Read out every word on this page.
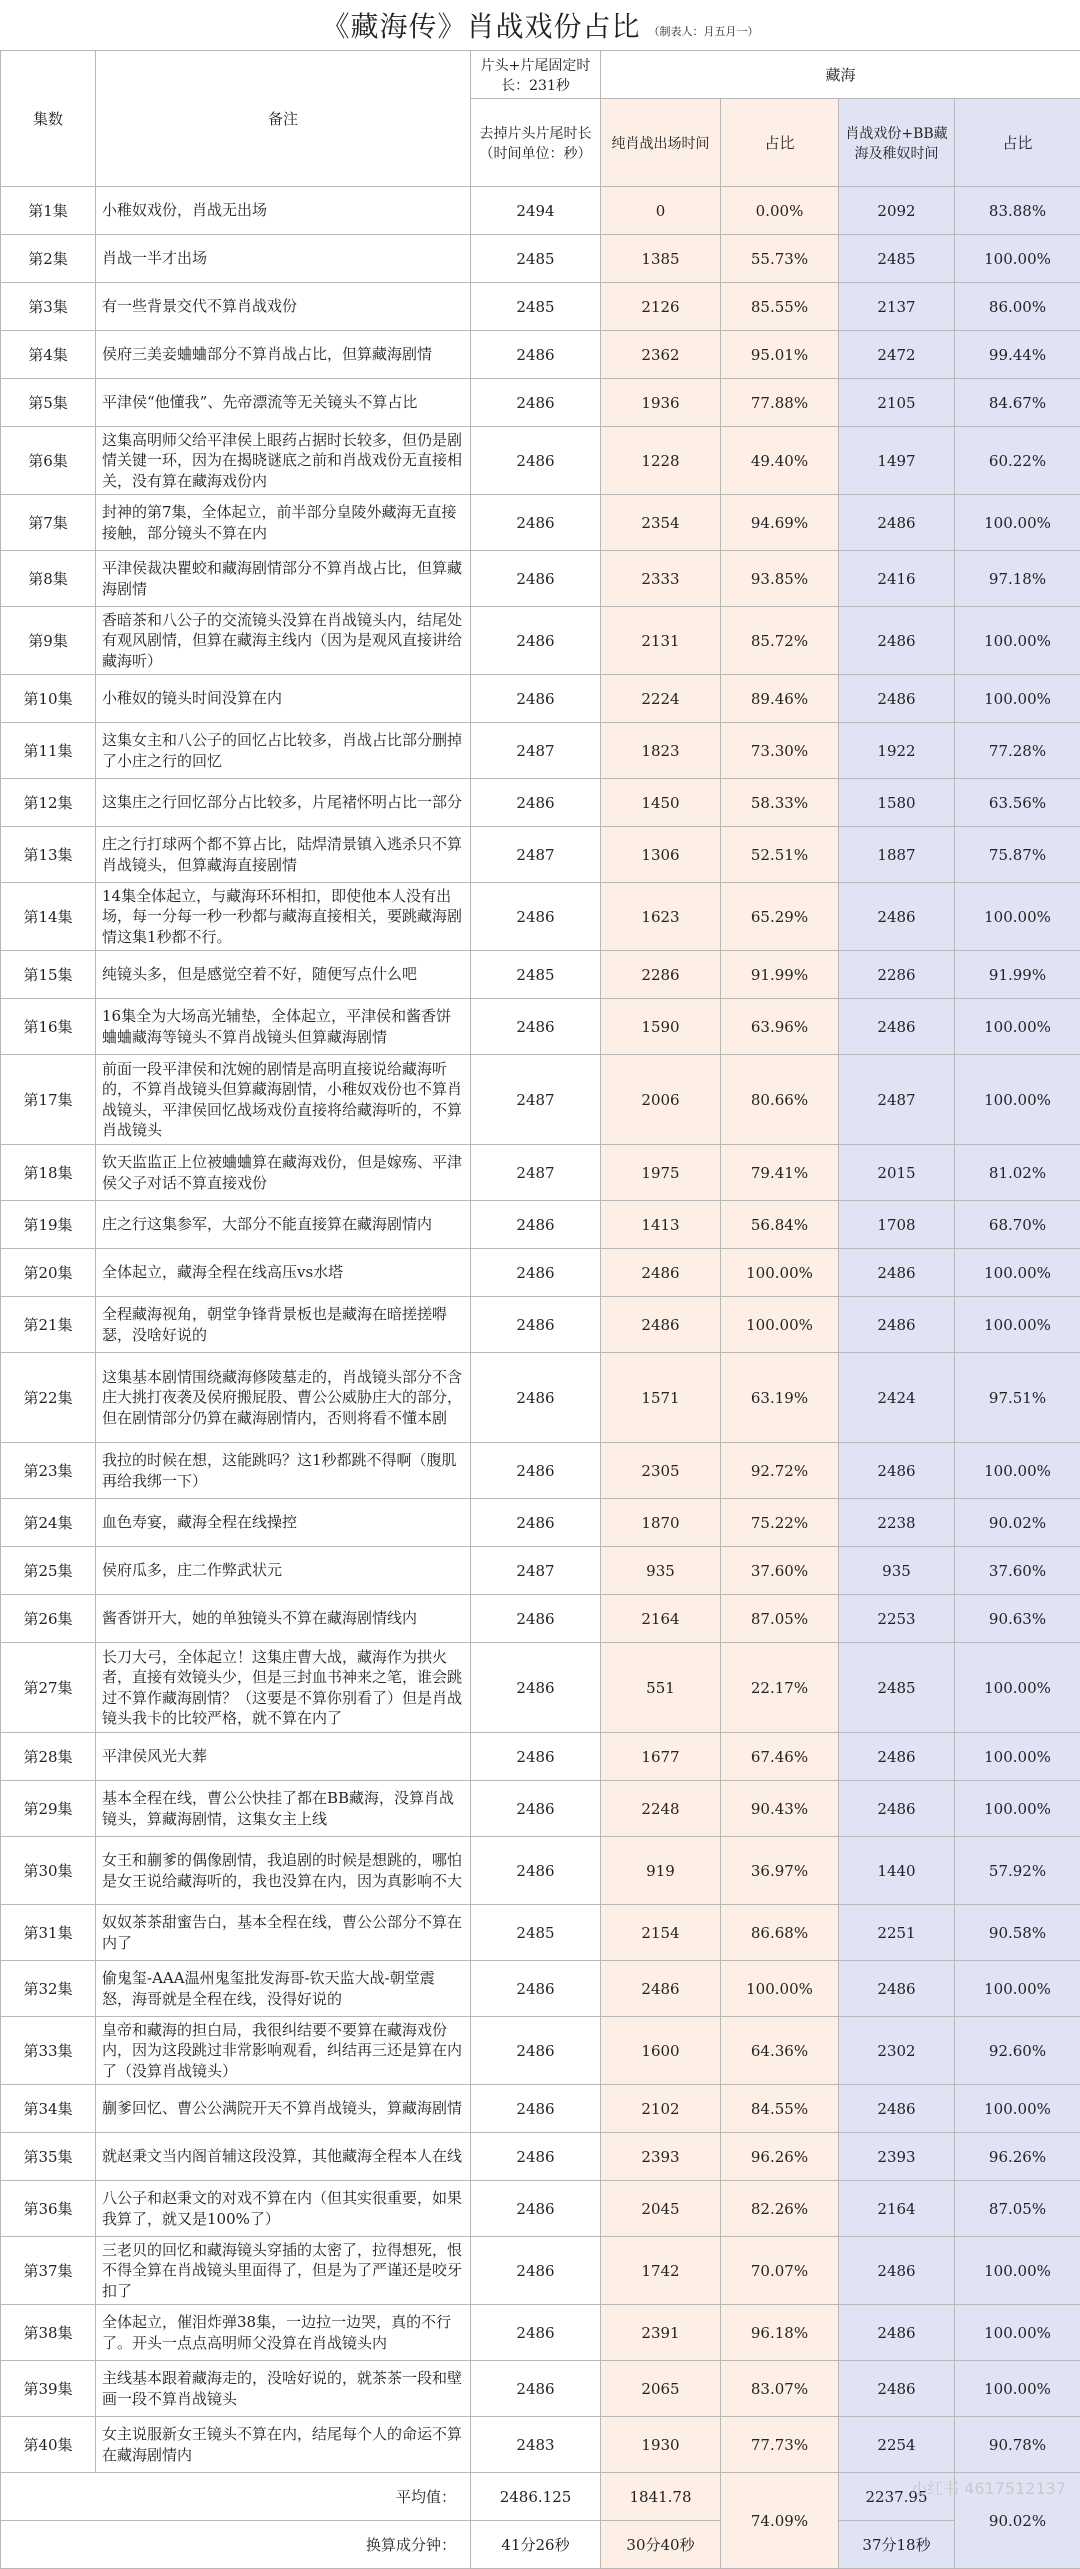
《藏海传》肖战戏份占比 （制表人：月五月一）
集数	备注	片头+片尾固定时长：231秒	藏海			
		去掉片头片尾时长（时间单位：秒）	纯肖战出场时间	占比	肖战戏份+BB藏海及稚奴时间	占比

第1集	小稚奴戏份，肖战无出场	2494	0	0.00%	2092	83.88%
第2集	肖战一半才出场	2485	1385	55.73%	2485	100.00%
第3集	有一些背景交代不算肖战戏份	2485	2126	85.55%	2137	86.00%
第4集	侯府三美妾蛐蛐部分不算肖战占比，但算藏海剧情	2486	2362	95.01%	2472	99.44%
第5集	平津侯“他懂我”、先帝漂流等无关镜头不算占比	2486	1936	77.88%	2105	84.67%
第6集	这集高明师父给平津侯上眼药占据时长较多，但仍是剧情关键一环，因为在揭晓谜底之前和肖战戏份无直接相关，没有算在藏海戏份内	2486	1228	49.40%	1497	60.22%
第7集	封神的第7集，全体起立，前半部分皇陵外藏海无直接接触，部分镜头不算在内	2486	2354	94.69%	2486	100.00%
第8集	平津侯裁决瞿蛟和藏海剧情部分不算肖战占比，但算藏海剧情	2486	2333	93.85%	2416	97.18%
第9集	香暗茶和八公子的交流镜头没算在肖战镜头内，结尾处有观风剧情，但算在藏海主线内（因为是观风直接讲给藏海听）	2486	2131	85.72%	2486	100.00%
第10集	小稚奴的镜头时间没算在内	2486	2224	89.46%	2486	100.00%
第11集	这集女主和八公子的回忆占比较多，肖战占比部分删掉了小庄之行的回忆	2487	1823	73.30%	1922	77.28%
第12集	这集庄之行回忆部分占比较多，片尾褚怀明占比一部分	2486	1450	58.33%	1580	63.56%
第13集	庄之行打球两个都不算占比，陆焊清景镇入逃杀只不算肖战镜头，但算藏海直接剧情	2487	1306	52.51%	1887	75.87%
第14集	14集全体起立，与藏海环环相扣，即使他本人没有出场，每一分每一秒一秒都与藏海直接相关，要跳藏海剧情这集1秒都不行。	2486	1623	65.29%	2486	100.00%
第15集	纯镜头多，但是感觉空着不好，随便写点什么吧	2485	2286	91.99%	2286	91.99%
第16集	16集全为大场高光辅垫，全体起立，平津侯和酱香饼蛐蛐藏海等镜头不算肖战镜头但算藏海剧情	2486	1590	63.96%	2486	100.00%
第17集	前面一段平津侯和沈婉的剧情是高明直接说给藏海听的，不算肖战镜头但算藏海剧情，小稚奴戏份也不算肖战镜头，平津侯回忆战场戏份直接将给藏海听的，不算肖战镜头	2487	2006	80.66%	2487	100.00%
第18集	钦天监监正上位被蛐蛐算在藏海戏份，但是嫁殇、平津侯父子对话不算直接戏份	2487	1975	79.41%	2015	81.02%
第19集	庄之行这集参军，大部分不能直接算在藏海剧情内	2486	1413	56.84%	1708	68.70%
第20集	全体起立，藏海全程在线高压vs水塔	2486	2486	100.00%	2486	100.00%
第21集	全程藏海视角，朝堂争锋背景板也是藏海在暗搓搓嘚瑟，没啥好说的	2486	2486	100.00%	2486	100.00%
第22集	这集基本剧情围绕藏海修陵墓走的，肖战镜头部分不含庄大挑打夜袭及侯府搬屁股、曹公公威胁庄大的部分，但在剧情部分仍算在藏海剧情内，否则将看不懂本剧	2486	1571	63.19%	2424	97.51%
第23集	我拉的时候在想，这能跳吗？这1秒都跳不得啊（腹肌再给我绑一下）	2486	2305	92.72%	2486	100.00%
第24集	血色寿宴，藏海全程在线操控	2486	1870	75.22%	2238	90.02%
第25集	侯府瓜多，庄二作弊武状元	2487	935	37.60%	935	37.60%
第26集	酱香饼开大，她的单独镜头不算在藏海剧情线内	2486	2164	87.05%	2253	90.63%
第27集	长刀大弓，全体起立！这集庄曹大战，藏海作为拱火者，直接有效镜头少，但是三封血书神来之笔，谁会跳过不算作藏海剧情？（这要是不算你别看了）但是肖战镜头我卡的比较严格，就不算在内了	2486	551	22.17%	2485	100.00%
第28集	平津侯风光大葬	2486	1677	67.46%	2486	100.00%
第29集	基本全程在线，曹公公快挂了都在BB藏海，没算肖战镜头，算藏海剧情，这集女主上线	2486	2248	90.43%	2486	100.00%
第30集	女王和蒯爹的偶像剧情，我追剧的时候是想跳的，哪怕是女王说给藏海听的，我也没算在内，因为真影响不大	2486	919	36.97%	1440	57.92%
第31集	奴奴茶茶甜蜜告白，基本全程在线，曹公公部分不算在内了	2485	2154	86.68%	2251	90.58%
第32集	偷鬼玺-AAA温州鬼玺批发海哥-钦天监大战-朝堂震怒，海哥就是全程在线，没得好说的	2486	2486	100.00%	2486	100.00%
第33集	皇帝和藏海的担白局，我很纠结要不要算在藏海戏份内，因为这段跳过非常影响观看，纠结再三还是算在内了（没算肖战镜头）	2486	1600	64.36%	2302	92.60%
第34集	蒯爹回忆、曹公公满院开天不算肖战镜头，算藏海剧情	2486	2102	84.55%	2486	100.00%
第35集	就赵秉文当内阁首辅这段没算，其他藏海全程本人在线	2486	2393	96.26%	2393	96.26%
第36集	八公子和赵秉文的对戏不算在内（但其实很重要，如果我算了，就又是100%了）	2486	2045	82.26%	2164	87.05%
第37集	三老贝的回忆和藏海镜头穿插的太密了，拉得想死，恨不得全算在肖战镜头里面得了，但是为了严谨还是咬牙扣了	2486	1742	70.07%	2486	100.00%
第38集	全体起立，催泪炸弹38集，一边拉一边哭，真的不行了。开头一点点高明师父没算在肖战镜头内	2486	2391	96.18%	2486	100.00%
第39集	主线基本跟着藏海走的，没啥好说的，就茶茶一段和壁画一段不算肖战镜头	2486	2065	83.07%	2486	100.00%
第40集	女主说服新女王镜头不算在内，结尾每个人的命运不算在藏海剧情内	2483	1930	77.73%	2254	90.78%
平均值：		2486.125	1841.78	74.09%	2237.95	90.02%
换算成分钟：		41分26秒	30分40秒		37分18秒	
小红书 4617512137
